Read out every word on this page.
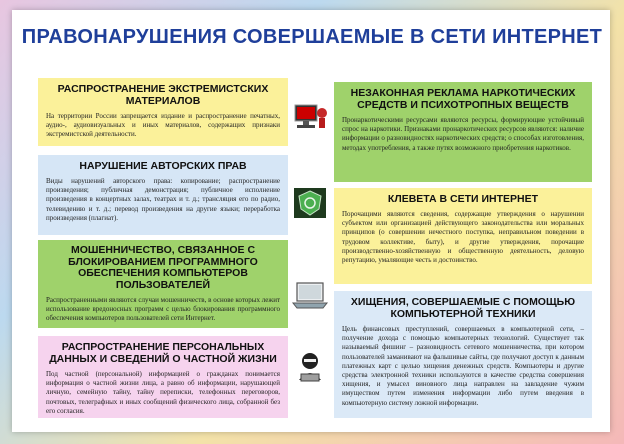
ПРАВОНАРУШЕНИЯ СОВЕРШАЕМЫЕ В СЕТИ ИНТЕРНЕТ
РАСПРОСТРАНЕНИЕ ЭКСТРЕМИСТСКИХ МАТЕРИАЛОВ
На территории России запрещается издание и распространение печатных, аудио-, аудиовизуальных и иных материалов, содержащих признаки экстремистской деятельности.
НАРУШЕНИЕ АВТОРСКИХ ПРАВ
Виды нарушений авторского права: копирование; распространение произведения; публичная демонстрация; публичное исполнение произведения в концертных залах, театрах и т. д.; трансляция его по радио, телевидению и т. д.; перевод произведения на другие языки; переработка произведения (плагиат).
МОШЕННИЧЕСТВО, СВЯЗАННОЕ С БЛОКИРОВАНИЕМ ПРОГРАММНОГО ОБЕСПЕЧЕНИЯ КОМПЬЮТЕРОВ ПОЛЬЗОВАТЕЛЕЙ
Распространенными являются случаи мошенничеств, в основе которых лежит использование вредоносных программ с целью блокирования программного обеспечения компьютеров пользователей сети Интернет.
РАСПРОСТРАНЕНИЕ ПЕРСОНАЛЬНЫХ ДАННЫХ И СВЕДЕНИЙ О ЧАСТНОЙ ЖИЗНИ
Под частной (персональной) информацией о гражданах понимается информация о частной жизни лица, а равно об информации, нарушающей личную, семейную тайну, тайну переписки, телефонных переговоров, почтовых, телеграфных и иных сообщений физического лица, собранной без его согласия.
НЕЗАКОННАЯ РЕКЛАМА НАРКОТИЧЕСКИХ СРЕДСТВ И ПСИХОТРОПНЫХ ВЕЩЕСТВ
Пронаркотическими ресурсами являются ресурсы, формирующие устойчивый спрос на наркотики. Признаками пронаркотических ресурсов являются: наличие информации о разновидностях наркотических средств; о способах изготовления, методах употребления, а также путях возможного приобретения наркотиков.
КЛЕВЕТА В СЕТИ ИНТЕРНЕТ
Порочащими являются сведения, содержащие утверждения о нарушении субъектом или организацией действующего законодательства или моральных принципов (о совершении нечестного поступка, неправильном поведении в трудовом коллективе, быту), и другие утверждения, порочащие производственно-хозяйственную и общественную деятельность, деловую репутацию, умаляющие честь и достоинство.
ХИЩЕНИЯ, СОВЕРШАЕМЫЕ С ПОМОЩЬЮ КОМПЬЮТЕРНОЙ ТЕХНИКИ
Цель финансовых преступлений, совершаемых в компьютерной сети, – получение дохода с помощью компьютерных технологий. Существует так называемый фишинг – разновидность сетевого мошенничества, при котором пользователей заманивают на фальшивые сайты, где получают доступ к данным платежных карт с целью хищения денежных средств. Компьютеры и другие средства электронной техники используются в качестве средства совершения хищения, и умысел виновного лица направлен на завладение чужим имуществом путем изменения информации либо путем введения в компьютерную систему ложной информации.
